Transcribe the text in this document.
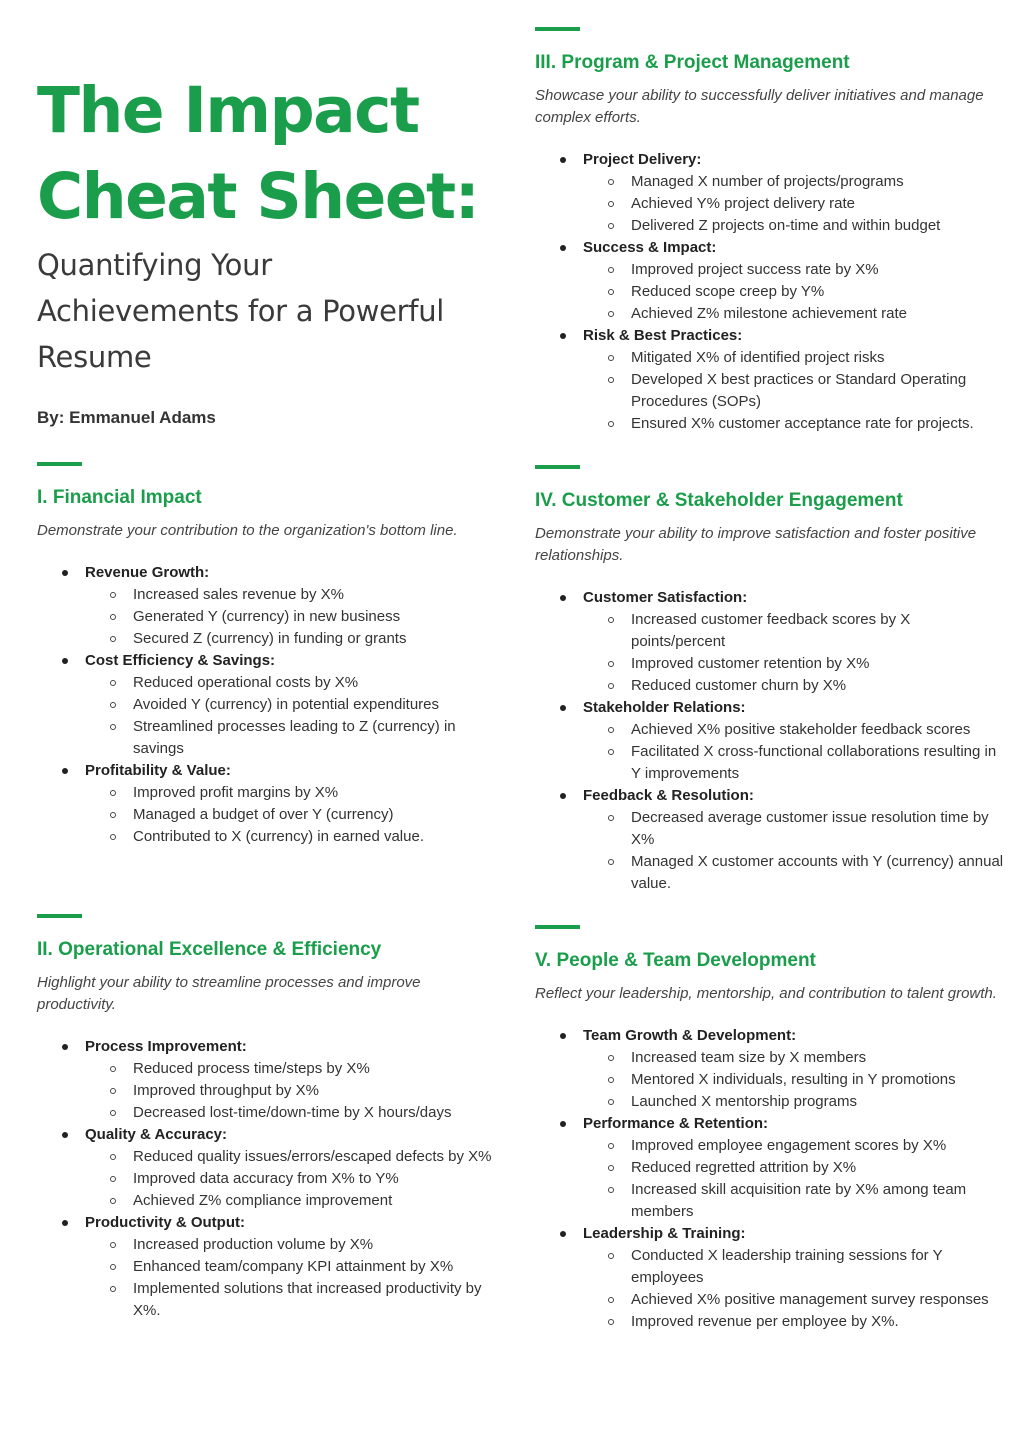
The Impact
Cheat Sheet:

Quantifying Your

Achievements for a Powerful

Resume

By: Emmanuel Adams

I. Financial Impact

Demonstrate your contribution to the organization's bottom line.

Revenue Growth:
Increased sales revenue by X%
Generated Y (currency) in new business
Secured Z (currency) in funding or grants
Cost Efficiency & Savings:
Reduced operational costs by X%
Avoided Y (currency) in potential expenditures
Streamlined processes leading to Z (currency) in savings
Profitability & Value:
Improved profit margins by X%
Managed a budget of over Y (currency)
Contributed to X (currency) in earned value.
II. Operational Excellence & Efficiency

Highlight your ability to streamline processes and improve productivity.

Process Improvement:
Reduced process time/steps by X%
Improved throughput by X%
Decreased lost-time/down-time by X hours/days
Quality & Accuracy:
Reduced quality issues/errors/escaped defects by X%
Improved data accuracy from X% to Y%
Achieved Z% compliance improvement
Productivity & Output:
Increased production volume by X%
Enhanced team/company KPI attainment by X%
Implemented solutions that increased productivity by X%.
III. Program & Project Management

Showcase your ability to successfully deliver initiatives and manage complex efforts.

Project Delivery:
Managed X number of projects/programs
Achieved Y% project delivery rate
Delivered Z projects on-time and within budget
Success & Impact:
Improved project success rate by X%
Reduced scope creep by Y%
Achieved Z% milestone achievement rate
Risk & Best Practices:
Mitigated X% of identified project risks
Developed X best practices or Standard Operating Procedures (SOPs)
Ensured X% customer acceptance rate for projects.
IV. Customer & Stakeholder Engagement

Demonstrate your ability to improve satisfaction and foster positive relationships.

Customer Satisfaction:
Increased customer feedback scores by X points/percent
Improved customer retention by X%
Reduced customer churn by X%
Stakeholder Relations:
Achieved X% positive stakeholder feedback scores
Facilitated X cross-functional collaborations resulting in Y improvements
Feedback & Resolution:
Decreased average customer issue resolution time by X%
Managed X customer accounts with Y (currency) annual value.
V. People & Team Development

Reflect your leadership, mentorship, and contribution to talent growth.

Team Growth & Development:
Increased team size by X members
Mentored X individuals, resulting in Y promotions
Launched X mentorship programs
Performance & Retention:
Improved employee engagement scores by X%
Reduced regretted attrition by X%
Increased skill acquisition rate by X% among team members
Leadership & Training:
Conducted X leadership training sessions for Y employees
Achieved X% positive management survey responses
Improved revenue per employee by X%.
